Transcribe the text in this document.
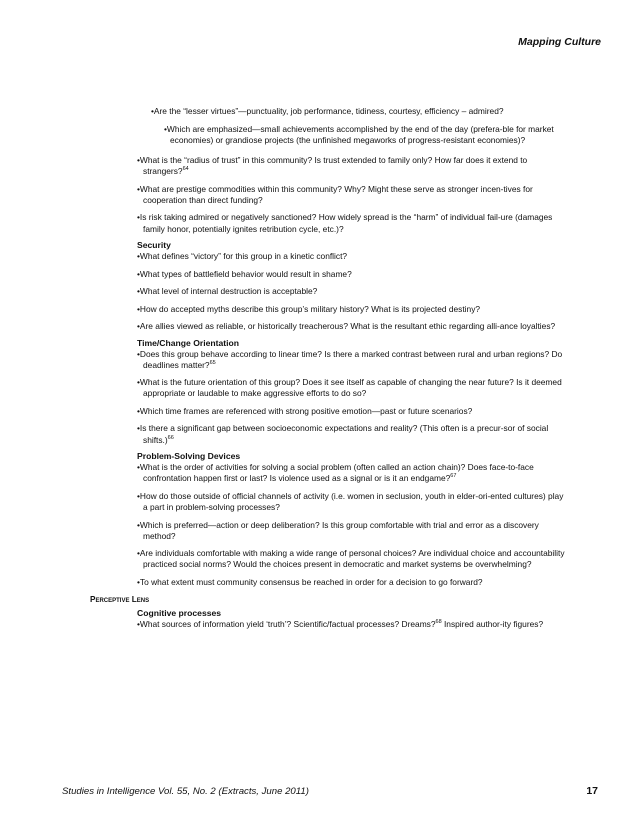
Mapping Culture
•Are the “lesser virtues”—punctuality, job performance, tidiness, courtesy, efficiency – admired?
•Which are emphasized—small achievements accomplished by the end of the day (prefera-ble for market economies) or grandiose projects (the unfinished megaworks of progress-resistant economies)?
•What is the “radius of trust” in this community? Is trust extended to family only? How far does it extend to strangers?$^{64}$
•What are prestige commodities within this community? Why? Might these serve as stronger incen-tives for cooperation than direct funding?
•Is risk taking admired or negatively sanctioned? How widely spread is the “harm” of individual fail-ure (damages family honor, potentially ignites retribution cycle, etc.)?
Security
•What defines “victory” for this group in a kinetic conflict?
•What types of battlefield behavior would result in shame?
•What level of internal destruction is acceptable?
•How do accepted myths describe this group’s military history? What is its projected destiny?
•Are allies viewed as reliable, or historically treacherous? What is the resultant ethic regarding alli-ance loyalties?
Time/Change Orientation
•Does this group behave according to linear time? Is there a marked contrast between rural and urban regions? Do deadlines matter?$^{65}$
•What is the future orientation of this group? Does it see itself as capable of changing the near future? Is it deemed appropriate or laudable to make aggressive efforts to do so?
•Which time frames are referenced with strong positive emotion—past or future scenarios?
•Is there a significant gap between socioeconomic expectations and reality? (This often is a precur-sor of social shifts.)$^{66}$
Problem-Solving Devices
•What is the order of activities for solving a social problem (often called an action chain)? Does face-to-face confrontation happen first or last? Is violence used as a signal or is it an endgame?$^{67}$
•How do those outside of official channels of activity (i.e. women in seclusion, youth in elder-ori-ented cultures) play a part in problem-solving processes?
•Which is preferred—action or deep deliberation? Is this group comfortable with trial and error as a discovery method?
•Are individuals comfortable with making a wide range of personal choices? Are individual choice and accountability practiced social norms? Would the choices present in democratic and market systems be overwhelming?
•To what extent must community consensus be reached in order for a decision to go forward?
Perceptive Lens
Cognitive processes
•What sources of information yield ‘truth’? Scientific/factual processes? Dreams?$^{68}$ Inspired author-ity figures?
Studies in Intelligence Vol. 55, No. 2 (Extracts, June 2011)	17
